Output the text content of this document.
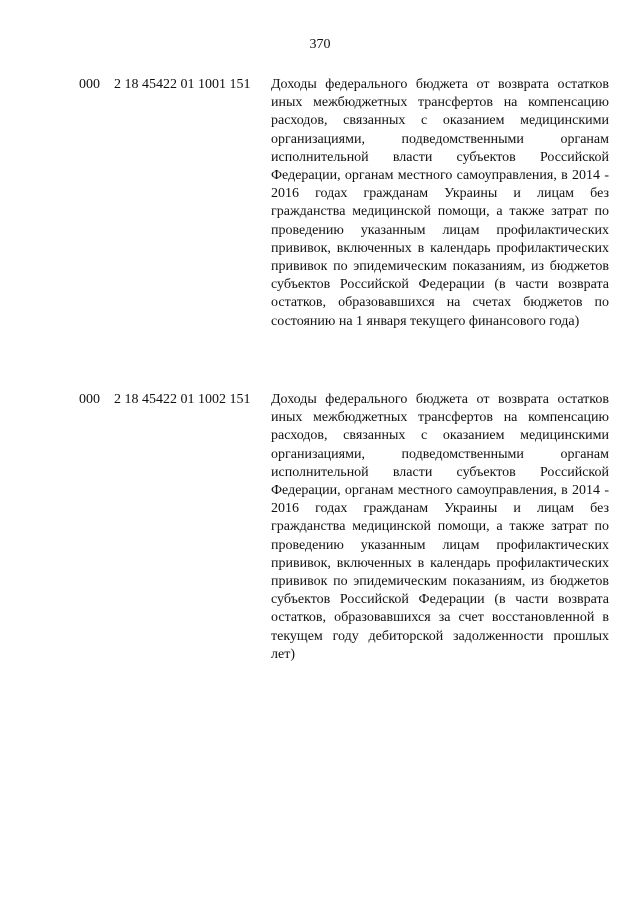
370
000 2 18 45422 01 1001 151 Доходы федерального бюджета от возврата остатков иных межбюджетных трансфертов на компенсацию расходов, связанных с оказанием медицинскими организациями, подведомственными органам исполнительной власти субъектов Российской Федерации, органам местного самоуправления, в 2014 - 2016 годах гражданам Украины и лицам без гражданства медицинской помощи, а также затрат по проведению указанным лицам профилактических прививок, включенных в календарь профилактических прививок по эпидемическим показаниям, из бюджетов субъектов Российской Федерации (в части возврата остатков, образовавшихся на счетах бюджетов по состоянию на 1 января текущего финансового года)
000 2 18 45422 01 1002 151 Доходы федерального бюджета от возврата остатков иных межбюджетных трансфертов на компенсацию расходов, связанных с оказанием медицинскими организациями, подведомственными органам исполнительной власти субъектов Российской Федерации, органам местного самоуправления, в 2014 - 2016 годах гражданам Украины и лицам без гражданства медицинской помощи, а также затрат по проведению указанным лицам профилактических прививок, включенных в календарь профилактических прививок по эпидемическим показаниям, из бюджетов субъектов Российской Федерации (в части возврата остатков, образовавшихся за счет восстановленной в текущем году дебиторской задолженности прошлых лет)
